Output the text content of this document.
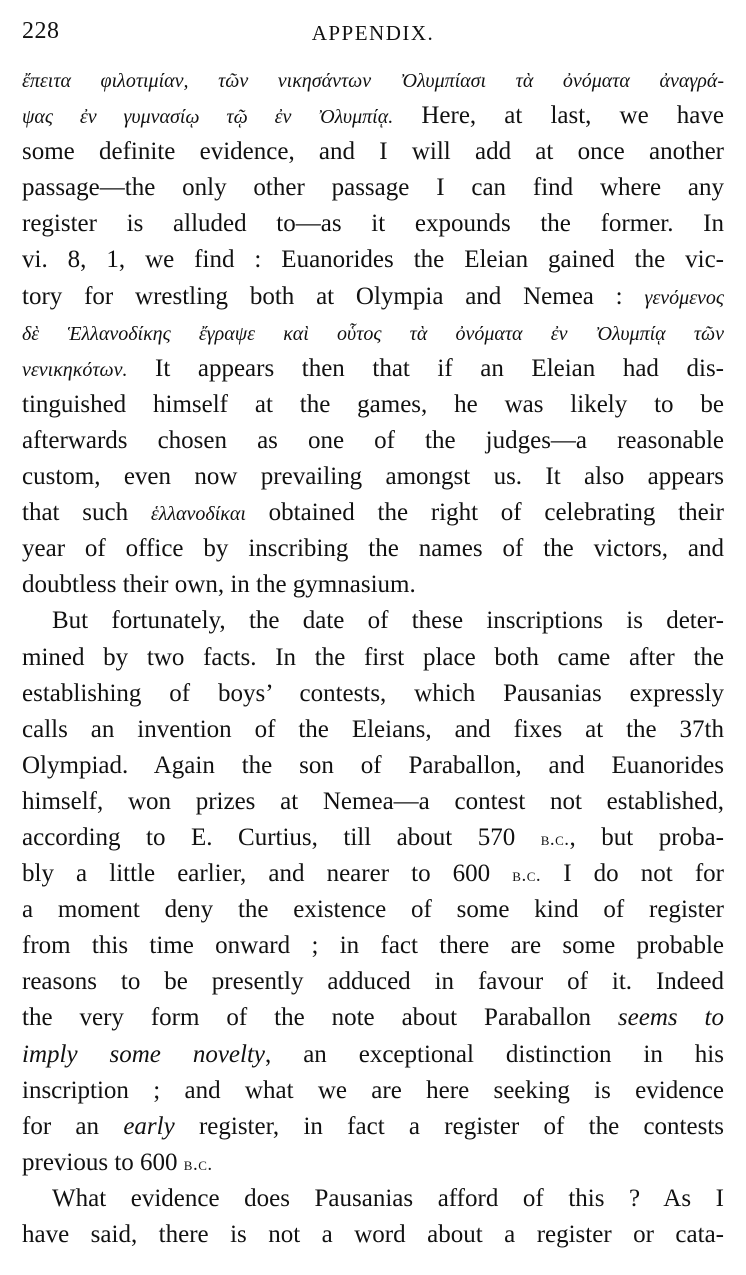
228	APPENDIX.
ἔπειτα φιλοτιμίαν, τῶν νικησάντων Ὀλυμπίασι τὰ ὀνόματα ἀναγρά-
ψας ἐν γυμνασίῳ τῷ ἐν Ὀλυμπίᾳ. Here, at last, we have
some definite evidence, and I will add at once another
passage—the only other passage I can find where any
register is alluded to—as it expounds the former. In
vi. 8, 1, we find : Euanorides the Eleian gained the vic-
tory for wrestling both at Olympia and Nemea : γενόμενος
δὲ Ἑλλανοδίκης ἔγραψε καὶ οὗτος τὰ ὀνόματα ἐν Ὀλυμπίᾳ τῶν
νενικηκότων. It appears then that if an Eleian had dis-
tinguished himself at the games, he was likely to be
afterwards chosen as one of the judges—a reasonable
custom, even now prevailing amongst us. It also appears
that such ἑλλανοδίκαι obtained the right of celebrating their
year of office by inscribing the names of the victors, and
doubtless their own, in the gymnasium.
But fortunately, the date of these inscriptions is deter-
mined by two facts. In the first place both came after the
establishing of boys’ contests, which Pausanias expressly
calls an invention of the Eleians, and fixes at the 37th
Olympiad. Again the son of Paraballon, and Euanorides
himself, won prizes at Nemea—a contest not established,
according to E. Curtius, till about 570 b.c., but proba-
bly a little earlier, and nearer to 600 b.c. I do not for
a moment deny the existence of some kind of register
from this time onward ; in fact there are some probable
reasons to be presently adduced in favour of it. Indeed
the very form of the note about Paraballon seems to
imply some novelty, an exceptional distinction in his
inscription ; and what we are here seeking is evidence
for an early register, in fact a register of the contests
previous to 600 b.c.
What evidence does Pausanias afford of this ? As I
have said, there is not a word about a register or cata-
